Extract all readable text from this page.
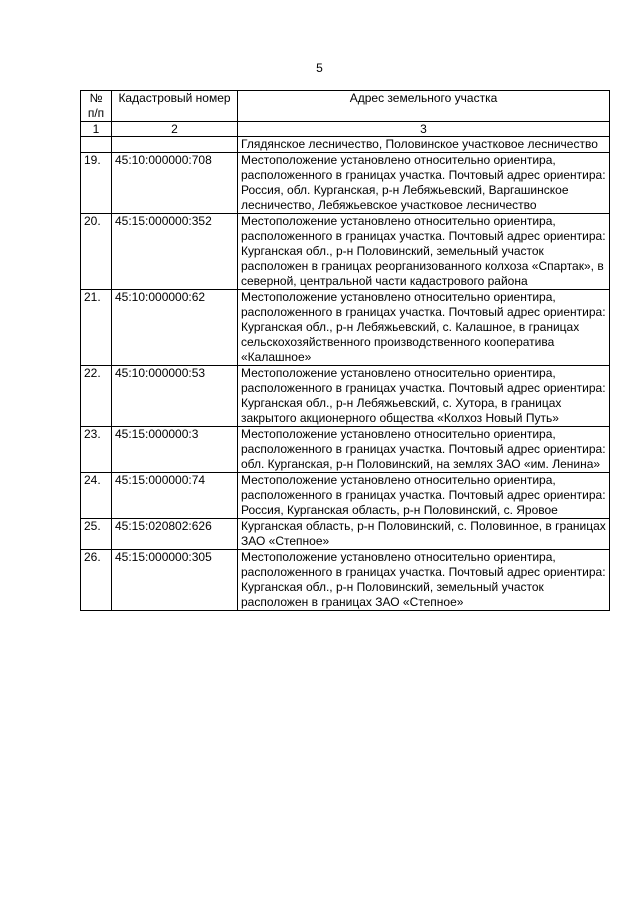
5
№ п/п	Кадастровый номер	Адрес земельного участка
1	2	3
		Глядянское лесничество, Половинское участковое лесничество
19.	45:10:000000:708	Местоположение установлено относительно ориентира, расположенного в границах участка. Почтовый адрес ориентира: Россия, обл. Курганская, р-н Лебяжьевский, Варгашинское лесничество, Лебяжьевское участковое лесничество
20.	45:15:000000:352	Местоположение установлено относительно ориентира, расположенного в границах участка. Почтовый адрес ориентира: Курганская обл., р-н Половинский, земельный участок расположен в границах реорганизованного колхоза «Спартак», в северной, центральной части кадастрового района
21.	45:10:000000:62	Местоположение установлено относительно ориентира, расположенного в границах участка. Почтовый адрес ориентира: Курганская обл., р-н Лебяжьевский, с. Калашное, в границах сельскохозяйственного производственного кооператива «Калашное»
22.	45:10:000000:53	Местоположение установлено относительно ориентира, расположенного в границах участка. Почтовый адрес ориентира: Курганская обл., р-н Лебяжьевский, с. Хутора, в границах закрытого акционерного общества «Колхоз Новый Путь»
23.	45:15:000000:3	Местоположение установлено относительно ориентира, расположенного в границах участка. Почтовый адрес ориентира: обл. Курганская, р-н Половинский, на землях ЗАО «им. Ленина»
24.	45:15:000000:74	Местоположение установлено относительно ориентира, расположенного в границах участка. Почтовый адрес ориентира: Россия, Курганская область, р-н Половинский, с. Яровое
25.	45:15:020802:626	Курганская область, р-н Половинский, с. Половинное, в границах ЗАО «Степное»
26.	45:15:000000:305	Местоположение установлено относительно ориентира, расположенного в границах участка. Почтовый адрес ориентира: Курганская обл., р-н Половинский, земельный участок расположен в границах ЗАО «Степное»
